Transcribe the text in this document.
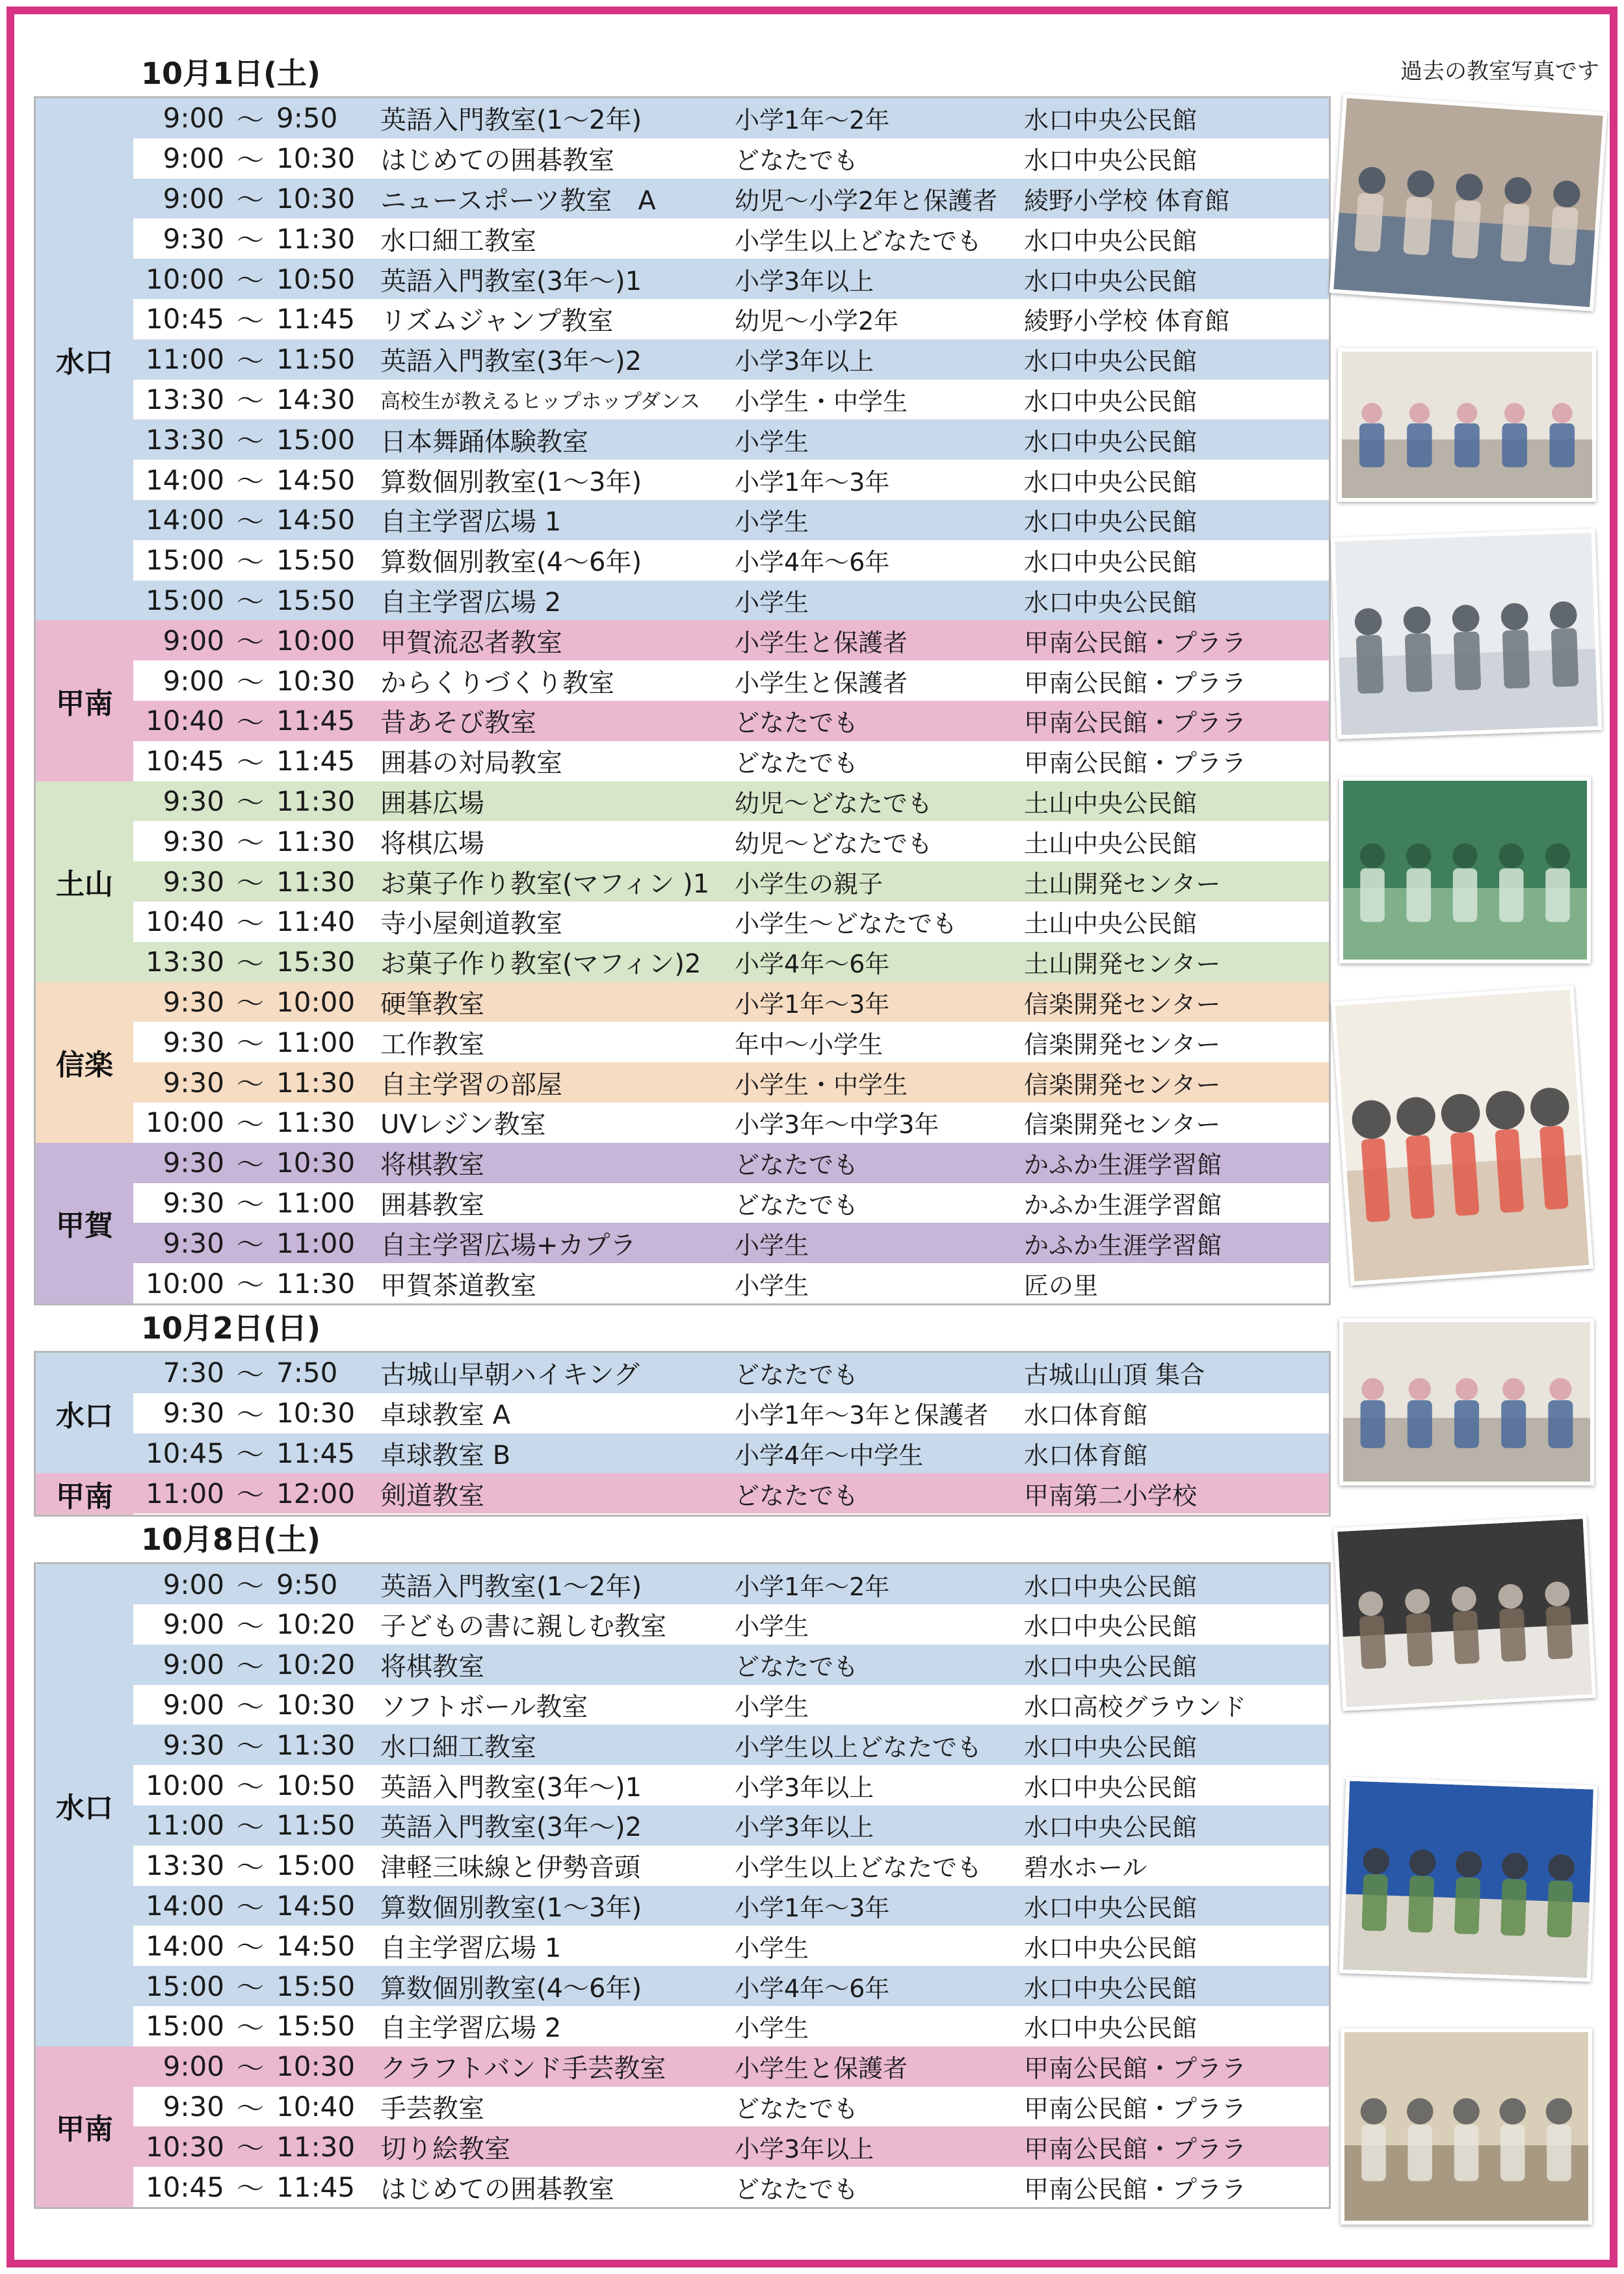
過去の教室写真です
10月1日(土)
水口
9:00 ～ 9:50	英語入門教室(1～2年)	小学1年～2年	水口中央公民館
9:00 ～ 10:30 はじめての囲碁教室	どなたでも	水口中央公民館
9:00 ～ 10:30 ニュースポーツ教室　A	幼児～小学2年と保護者	綾野小学校 体育館
9:30 ～ 11:30 水口細工教室	小学生以上どなたでも	水口中央公民館
10:00 ～ 10:50 英語入門教室(3年～)1	小学3年以上	水口中央公民館
10:45 ～ 11:45 リズムジャンプ教室	幼児～小学2年	綾野小学校 体育館
11:00 ～ 11:50 英語入門教室(3年～)2	小学3年以上	水口中央公民館
13:30 ～ 14:30	高校生が教えるヒップホップダンス	小学生・中学生	水口中央公民館
13:30 ～ 15:00 日本舞踊体験教室	小学生	水口中央公民館
14:00 ～ 14:50 算数個別教室(1～3年)	小学1年～3年	水口中央公民館
14:00 ～ 14:50 自主学習広場 1	小学生	水口中央公民館
15:00 ～ 15:50 算数個別教室(4～6年)	小学4年～6年	水口中央公民館
15:00 ～ 15:50 自主学習広場 2	小学生	水口中央公民館
甲南
9:00 ～ 10:00 甲賀流忍者教室	小学生と保護者	甲南公民館・プララ
9:00 ～ 10:30 からくりづくり教室	小学生と保護者	甲南公民館・プララ
10:40 ～ 11:45 昔あそび教室	どなたでも	甲南公民館・プララ
10:45 ～ 11:45 囲碁の対局教室	どなたでも	甲南公民館・プララ
土山
9:30 ～ 11:30 囲碁広場	幼児～どなたでも	土山中央公民館
9:30 ～ 11:30 将棋広場	幼児～どなたでも	土山中央公民館
9:30 ～ 11:30 お菓子作り教室(マフィン )1	小学生の親子	土山開発センター
10:40 ～ 11:40 寺小屋剣道教室	小学生～どなたでも	土山中央公民館
13:30 ～ 15:30 お菓子作り教室(マフィン)2	小学4年～6年	土山開発センター
信楽
9:30 ～ 10:00 硬筆教室	小学1年～3年	信楽開発センター
9:30 ～ 11:00 工作教室	年中～小学生	信楽開発センター
9:30 ～ 11:30 自主学習の部屋	小学生・中学生	信楽開発センター
10:00 ～ 11:30 UVレジン教室	小学3年～中学3年	信楽開発センター
甲賀
9:30 ～ 10:30 将棋教室	どなたでも	かふか生涯学習館
9:30 ～ 11:00 囲碁教室	どなたでも	かふか生涯学習館
9:30 ～ 11:00 自主学習広場+カプラ	小学生	かふか生涯学習館
10:00 ～ 11:30 甲賀茶道教室	小学生	匠の里
10月2日(日)
水口
7:30 ～ 7:50	古城山早朝ハイキング	どなたでも	古城山山頂 集合
9:30 ～ 10:30 卓球教室 A	小学1年～3年と保護者	水口体育館
10:45 ～ 11:45 卓球教室 B	小学4年～中学生	水口体育館
甲南	11:00 ～ 12:00 剣道教室	どなたでも	甲南第二小学校
10月8日(土)
水口
9:00 ～ 9:50	英語入門教室(1～2年)	小学1年～2年	水口中央公民館
9:00 ～ 10:20 子どもの書に親しむ教室	小学生	水口中央公民館
9:00 ～ 10:20 将棋教室	どなたでも	水口中央公民館
9:00 ～ 10:30 ソフトボール教室	小学生	水口高校グラウンド
9:30 ～ 11:30 水口細工教室	小学生以上どなたでも	水口中央公民館
10:00 ～ 10:50 英語入門教室(3年～)1	小学3年以上	水口中央公民館
11:00 ～ 11:50 英語入門教室(3年～)2	小学3年以上	水口中央公民館
13:30 ～ 15:00 津軽三味線と伊勢音頭	小学生以上どなたでも	碧水ホール
14:00 ～ 14:50 算数個別教室(1～3年)	小学1年～3年	水口中央公民館
14:00 ～ 14:50 自主学習広場 1	小学生	水口中央公民館
15:00 ～ 15:50 算数個別教室(4～6年)	小学4年～6年	水口中央公民館
15:00 ～ 15:50 自主学習広場 2	小学生	水口中央公民館
甲南
9:00 ～ 10:30 クラフトバンド手芸教室	小学生と保護者	甲南公民館・プララ
9:30 ～ 10:40 手芸教室	どなたでも	甲南公民館・プララ
10:30 ～ 11:30 切り絵教室	小学3年以上	甲南公民館・プララ
10:45 ～ 11:45 はじめての囲碁教室	どなたでも	甲南公民館・プララ
